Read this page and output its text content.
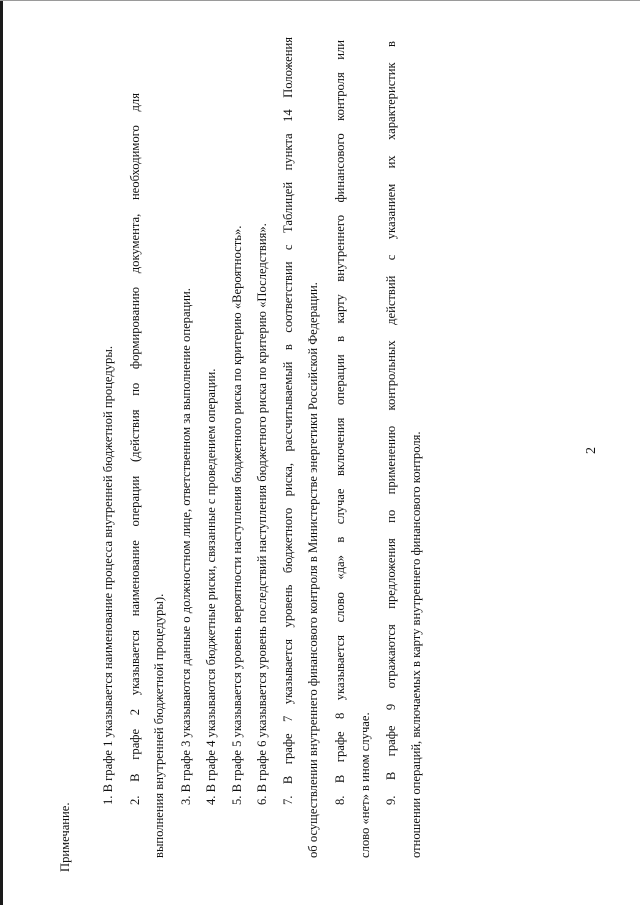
2
Примечание.
1. В графе 1 указывается наименование процесса внутренней бюджетной процедуры. 2. В графе 2 указывается наименование операции (действия по формированию документа, необходимого для выполнения внутренней бюджетной процедуры). 3. В графе 3 указываются данные о должностном лице, ответственном за выполнение операции. 4. В графе 4 указываются бюджетные риски, связанные с проведением операции. 5. В графе 5 указывается уровень вероятности наступления бюджетного риска по критерию «Вероятность». 6. В графе 6 указывается уровень последствий наступления бюджетного риска по критерию «Последствия». 7. В графе 7 указывается уровень бюджетного риска, рассчитываемый в соответствии с Таблицей пункта 14 Положения об осуществлении внутреннего финансового контроля в Министерстве энергетики Российской Федерации. 8. В графе 8 указывается слово «да» в случае включения операции в карту внутреннего финансового контроля или слово «нет» в ином случае. 9. В графе 9 отражаются предложения по применению контрольных действий с указанием их характеристик в отношении операций, включаемых в карту внутреннего финансового контроля.
